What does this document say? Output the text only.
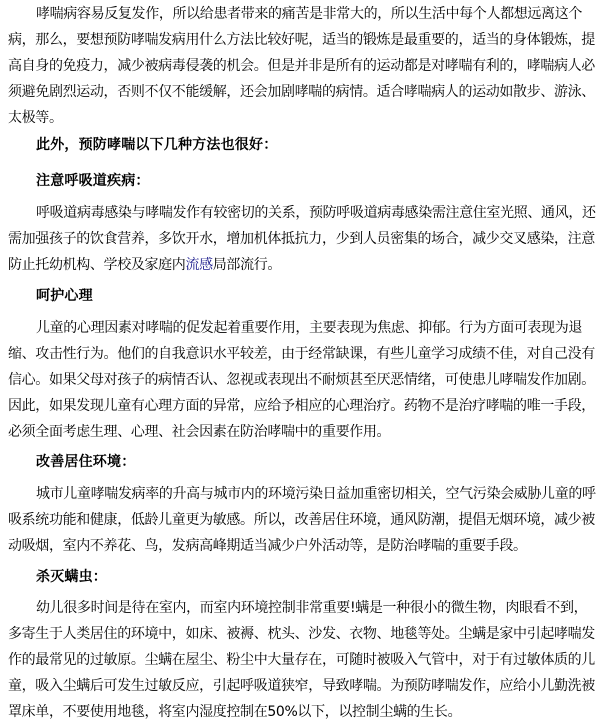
哮喘病容易反复发作，所以给患者带来的痛苦是非常大的，所以生活中每个人都想远离这个病，那么，要想预防哮喘发病用什么方法比较好呢，适当的锻炼是最重要的，适当的身体锻炼，提高自身的免疫力，减少被病毒侵袭的机会。但是并非是所有的运动都是对哮喘有利的，哮喘病人必须避免剧烈运动，否则不仅不能缓解，还会加剧哮喘的病情。适合哮喘病人的运动如散步、游泳、太极等。

此外，预防哮喘以下几种方法也很好：

注意呼吸道疾病：

呼吸道病毒感染与哮喘发作有较密切的关系，预防呼吸道病毒感染需注意住室光照、通风，还需加强孩子的饮食营养，多饮开水，增加机体抵抗力，少到人员密集的场合，减少交叉感染，注意防止托幼机构、学校及家庭内流感局部流行。

呵护心理

儿童的心理因素对哮喘的促发起着重要作用，主要表现为焦虑、抑郁。行为方面可表现为退缩、攻击性行为。他们的自我意识水平较差，由于经常缺课，有些儿童学习成绩不佳，对自己没有信心。如果父母对孩子的病情否认、忽视或表现出不耐烦甚至厌恶情绪，可使患儿哮喘发作加剧。因此，如果发现儿童有心理方面的异常，应给予相应的心理治疗。药物不是治疗哮喘的唯一手段，必须全面考虑生理、心理、社会因素在防治哮喘中的重要作用。

改善居住环境：

城市儿童哮喘发病率的升高与城市内的环境污染日益加重密切相关，空气污染会威胁儿童的呼吸系统功能和健康，低龄儿童更为敏感。所以，改善居住环境，通风防潮，提倡无烟环境，减少被动吸烟，室内不养花、鸟，发病高峰期适当减少户外活动等，是防治哮喘的重要手段。

杀灭螨虫：

幼儿很多时间是待在室内，而室内环境控制非常重要!螨是一种很小的微生物，肉眼看不到，多寄生于人类居住的环境中，如床、被褥、枕头、沙发、衣物、地毯等处。尘螨是家中引起哮喘发作的最常见的过敏原。尘螨在屋尘、粉尘中大量存在，可随时被吸入气管中，对于有过敏体质的儿童，吸入尘螨后可发生过敏反应，引起呼吸道狭窄，导致哮喘。为预防哮喘发作，应给小儿勤洗被罩床单，不要使用地毯，将室内湿度控制在50%以下，以控制尘螨的生长。
